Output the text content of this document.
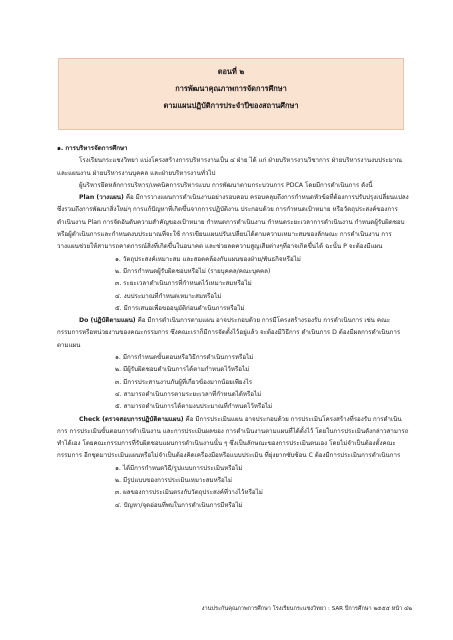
ตอนที่ ๒
การพัฒนาคุณภาพการจัดการศึกษา
ตามแผนปฏิบัติการประจำปีของสถานศึกษา

๑. การบริหารจัดการศึกษา

โรงเรียนกระแชงวิทยา แบ่งโครงสร้างการบริหารงานเป็น ๔ ฝ่าย ได้ แก่ ฝ่ายบริหารงานวิชาการ ฝ่ายบริหารงานงบประมาณและแผนงาน ฝ่ายบริหารงานบุคคล และฝ่ายบริหารงานทั่วไป

ผู้บริหารยึดหลักการบริหาร/เทคนิคการบริหารแบบ การพัฒนาตามกระบวนการ PDCA โดยมีการดำเนินการ ดังนี้

Plan (วางแผน) คือ มีการวางแผนการดำเนินงานอย่างรอบคอบ ครอบคลุมถึงการกำหนดหัวข้อที่ต้องการปรับปรุงเปลี่ยนแปลง ซึ่งรวมถึงการพัฒนาสิ่งใหม่ๆ การแก้ปัญหาที่เกิดขึ้นจากการปฏิบัติงาน ประกอบด้วย การกำหนดเป้าหมาย หรือวัตถุประสงค์ของการดำเนินงาน Plan การจัดอันดับความสำคัญของเป้าหมาย กำหนดการดำเนินงาน กำหนดระยะเวลาการดำเนินงาน กำหนดผู้รับผิดชอบหรือผู้ดำเนินการและกำหนดงบประมาณที่จะใช้ การเขียนแผนปรับเปลี่ยนได้ตามความเหมาะสมของลักษณะ การดำเนินงาน การวางแผนช่วยให้สามารถคาดการณ์สิ่งที่เกิดขึ้นในอนาคต และช่วยลดความสูญเสียต่างๆที่อาจเกิดขึ้นได้ ฉะนั้น P จะต้องมีแผน

๑. วัตถุประสงค์เหมาะสม และสอดคล้องกับแผนของฝ่าย/พันธกิจหรือไม่

๒. มีการกำหนดผู้รับผิดชอบหรือไม่ (รายบุคคล/คณะบุคคล)

๓. ระยะเวลาดำเนินการที่กำหนดไว้เหมาะสมหรือไม่

๔. งบประมาณที่กำหนดเหมาะสมหรือไม่

๕. มีการเสนอเพื่อขออนุมัติก่อนดำเนินการหรือไม่

Do (ปฏิบัติตามแผน) คือ มีการดำเนินการตามแผน อาจประกอบด้วย การมีโครงสร้างรองรับ การดำเนินการ เช่น คณะกรรมการหรือหน่วยงานของคณะกรรมการ ซึ่งคณะเราก็มีการจัดตั้งไว้อยู่แล้ว จะต้องมีวิธีการ ดำเนินการ D ต้องมีผลการดำเนินการตามแผน

๑. มีการกำหนดขั้นตอนหรือวิธีการดำเนินการหรือไม่

๒. มีผู้รับผิดชอบดำเนินการได้ตามกำหนดไว้หรือไม่

๓. มีการประสานงานกับผู้ที่เกี่ยวข้องมากน้อยเพียงไร

๔. สามารถดำเนินการตามระยะเวลาที่กำหนดได้หรือไม่

๕. สามารถดำเนินการได้ตามงบประมาณที่กำหนดไว้หรือไม่

Check (ตรวจสอบการปฏิบัติตามแผน) คือ มีการประเมินแผน อาจประกอบด้วย การประเมินโครงสร้างที่รองรับ การดำเนินการ การประเมินขั้นตอนการดำเนินงาน และการประเมินผลของ การดำเนินงานตามแผนที่ได้ตั้งไว้ โดยในการประเมินดังกล่าวสามารถ ทำได้เอง โดยคณะกรรมการที่รับผิดชอบแผนการดำเนินงานนั้น ๆ ซึ่งเป็นลักษณะของการประเมินตนเอง โดยไม่จำเป็นต้องตั้งคณะกรรมการ อีกชุดมาประเมินแผนหรือไม่จำเป็นต้องคิดเครื่องมือหรือแบบประเมิน ที่ยุ่งยากซับซ้อน C ต้องมีการประเมินการดำเนินการ

๑. ได้มีการกำหนดวิธี/รูปแบบการประเมินหรือไม่

๒. มีรูปแบบของการประเมินเหมาะสมหรือไม่

๓. ผลของการประเมินตรงกับวัตถุประสงค์ที่วางไว้หรือไม่

๔. ปัญหา/จุดอ่อนที่พบในการดำเนินการมีหรือไม่

งานประกันคุณภาพการศึกษา โรงเรียนกระแชงวิทยา : SAR ปีการศึกษา ๒๕๕๕ หน้า ๔๒
